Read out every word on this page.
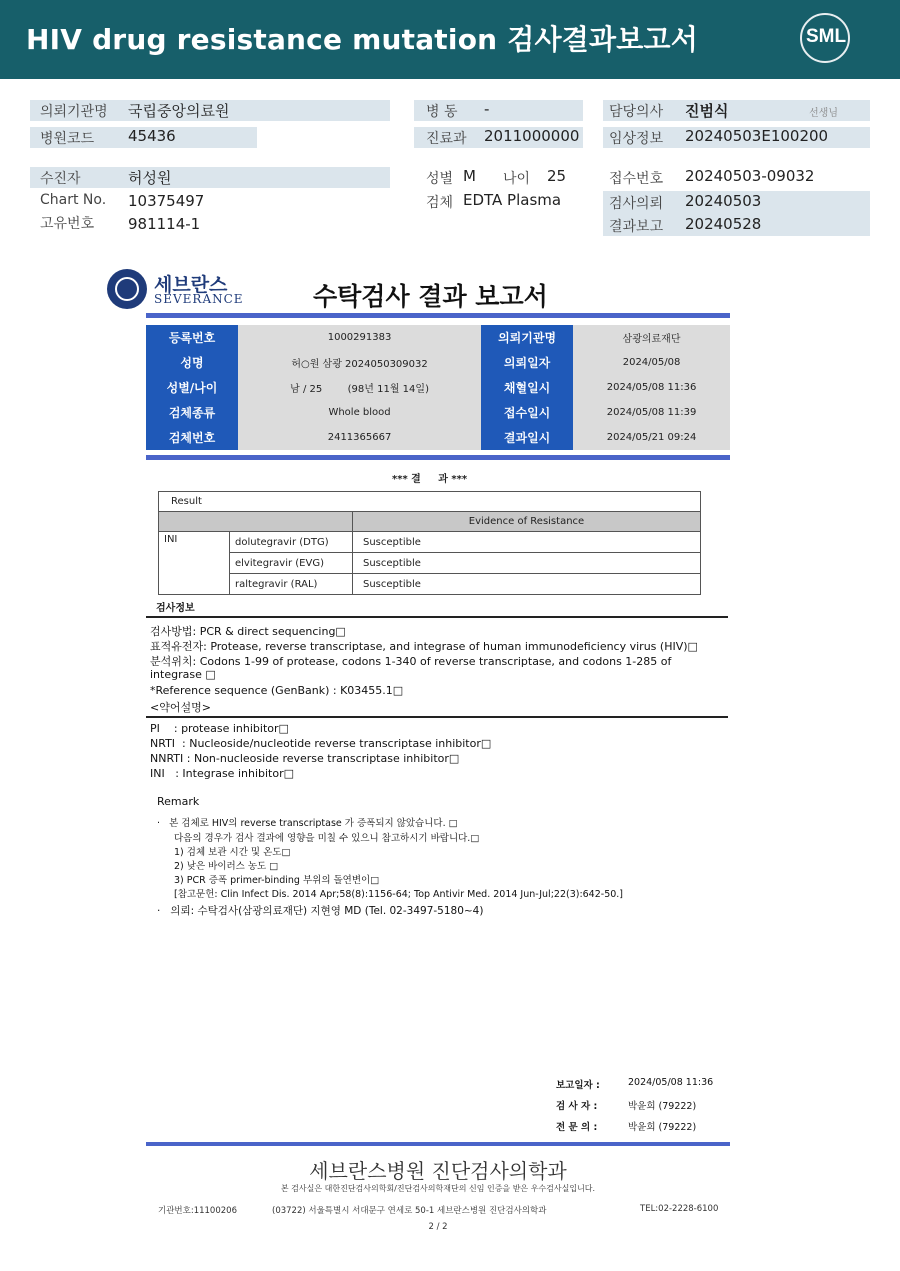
HIV drug resistance mutation 검사결과보고서	SML
의뢰기관명 국립중앙의료원
병원코드 45436
병 동 -
진료과 2011000000
담당의사 진범식	선생님
임상정보 20240503E100200
수진자	허성원
Chart No. 10375497
고유번호 981114-1
성별 M 나이 25
검체 EDTA Plasma
접수번호 20240503-09032
검사의뢰 20240503
결과보고 20240528
세브란스
SEVERANCE	수탁검사 결과 보고서
등록번호	1000291383	의뢰기관명	삼광의료재단
성명	허○원 삼광 2024050309032	의뢰일자	2024/05/08
성별/나이	남 / 25        (98년 11월 14일)	채혈일시	2024/05/08 11:36
검체종류	Whole blood	접수일시	2024/05/08 11:39
검체번호	2411365667	결과일시	2024/05/21 09:24
*** 결     과 ***
Result		
		Evidence of Resistance
INI	dolutegravir (DTG)	Susceptible
	elvitegravir (EVG)	Susceptible
	raltegravir (RAL)	Susceptible
검사정보
검사방법: PCR & direct sequencing□
표적유전자: Protease, reverse transcriptase, and integrase of human immunodeficiency virus (HIV)□
분석위치: Codons 1-99 of protease, codons 1-340 of reverse transcriptase, and codons 1-285 of
integrase □
*Reference sequence (GenBank) : K03455.1□
<약어설명>
PI    : protease inhibitor□
NRTI  : Nucleoside/nucleotide reverse transcriptase inhibitor□
NNRTI : Non-nucleoside reverse transcriptase inhibitor□
INI   : Integrase inhibitor□
Remark
·   본 검체로 HIV의 reverse transcriptase 가 증폭되지 않았습니다. □
다음의 경우가 검사 결과에 영향을 미칠 수 있으니 참고하시기 바랍니다.□
1) 검체 보관 시간 및 온도□
2) 낮은 바이러스 농도 □
3) PCR 증폭 primer-binding 부위의 돌연변이□
[참고문헌: Clin Infect Dis. 2014 Apr;58(8):1156-64; Top Antivir Med. 2014 Jun-Jul;22(3):642-50.]
·   의뢰: 수탁검사(삼광의료재단) 지현영 MD (Tel. 02-3497-5180~4)
보고일자 :	2024/05/08 11:36
검 사 자 :	박윤희 (79222)
전 문 의 :	박윤희 (79222)
세브란스병원 진단검사의학과
본 검사실은 대한진단검사의학회/진단검사의학재단의 신임 인증을 받은 우수검사실입니다.
기관번호:11100206	(03722) 서울특별시 서대문구 연세로 50-1 세브란스병원 진단검사의학과	TEL:02-2228-6100
2 / 2
